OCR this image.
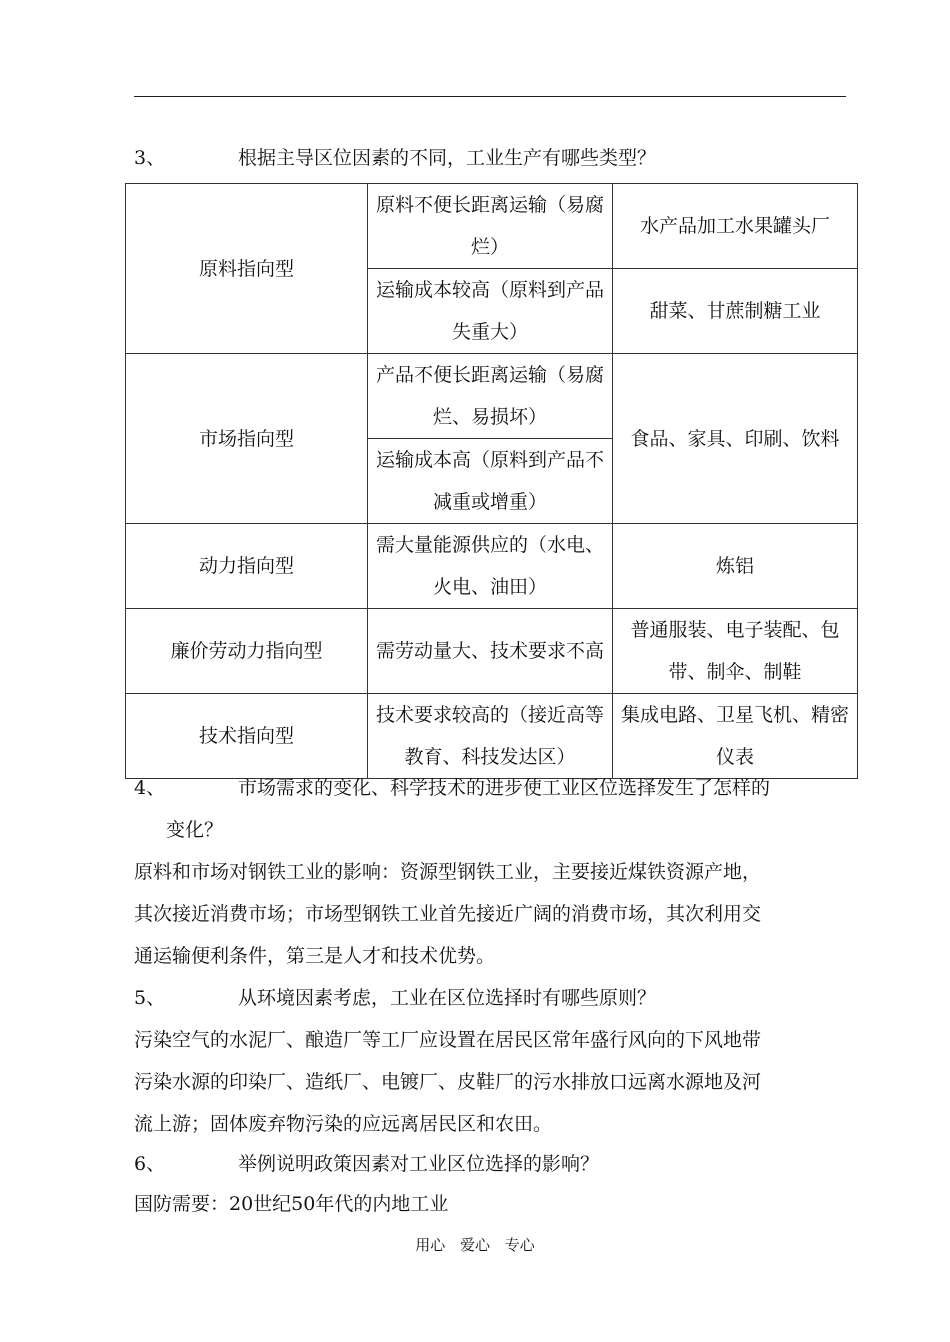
3、	根据主导区位因素的不同，工业生产有哪些类型？
原料指向型	原料不便长距离运输（易腐烂）	水产品加工水果罐头厂
	运输成本较高（原料到产品失重大）	甜菜、甘蔗制糖工业
市场指向型	产品不便长距离运输（易腐烂、易损坏）	食品、家具、印刷、饮料
	运输成本高（原料到产品不减重或增重）	
动力指向型	需大量能源供应的（水电、火电、油田）	炼铝
廉价劳动力指向型	需劳动量大、技术要求不高	普通服装、电子装配、包带、制伞、制鞋
技术指向型	技术要求较高的（接近高等教育、科技发达区）	集成电路、卫星飞机、精密仪表
4、	市场需求的变化、科学技术的进步使工业区位选择发生了怎样的
变化？
原料和市场对钢铁工业的影响：资源型钢铁工业，主要接近煤铁资源产地，
其次接近消费市场；市场型钢铁工业首先接近广阔的消费市场，其次利用交
通运输便利条件，第三是人才和技术优势。
5、	从环境因素考虑，工业在区位选择时有哪些原则？
污染空气的水泥厂、酿造厂等工厂应设置在居民区常年盛行风向的下风地带
污染水源的印染厂、造纸厂、电镀厂、皮鞋厂的污水排放口远离水源地及河
流上游；固体废弃物污染的应远离居民区和农田。
6、	举例说明政策因素对工业区位选择的影响？
国防需要：20世纪50年代的内地工业
用心 爱心 专心
